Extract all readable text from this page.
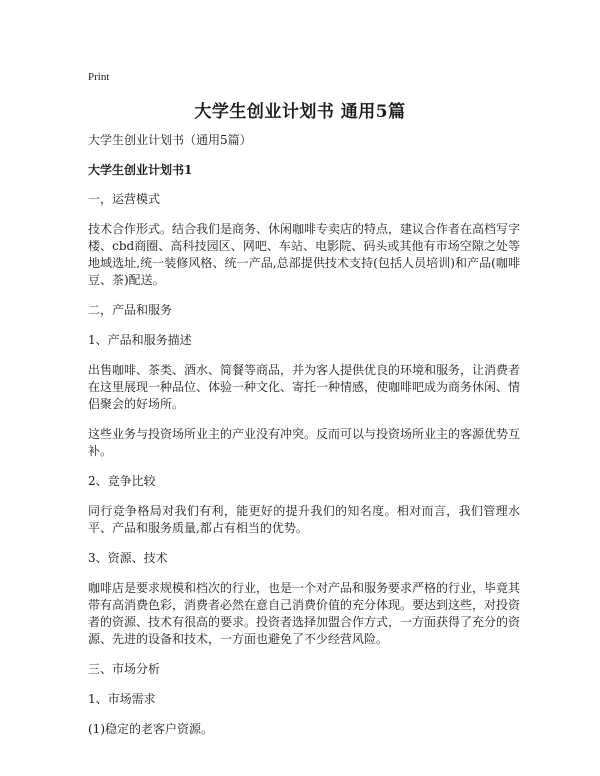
Print
大学生创业计划书 通用5篇

大学生创业计划书（通用5篇）

大学生创业计划书1

一，运营模式

技术合作形式。结合我们是商务、休闲咖啡专卖店的特点，建议合作者在高档写字楼、cbd商圈、高科技园区、网吧、车站、电影院、码头或其他有市场空隙之处等地域选址,统一装修风格、统一产品,总部提供技术支持(包括人员培训)和产品(咖啡豆、茶)配送。

二，产品和服务

1、产品和服务描述

出售咖啡、茶类、酒水、简餐等商品，并为客人提供优良的环境和服务，让消费者在这里展现一种品位、体验一种文化、寄托一种情感，使咖啡吧成为商务休闲、情侣聚会的好场所。

这些业务与投资场所业主的产业没有冲突。反而可以与投资场所业主的客源优势互补。

2、竞争比较

同行竞争格局对我们有利，能更好的提升我们的知名度。相对而言，我们管理水平、产品和服务质量,都占有相当的优势。

3、资源、技术

咖啡店是要求规模和档次的行业，也是一个对产品和服务要求严格的行业，毕竟其带有高消费色彩，消费者必然在意自己消费价值的充分体现。要达到这些，对投资者的资源、技术有很高的要求。投资者选择加盟合作方式，一方面获得了充分的资源、先进的设备和技术，一方面也避免了不少经营风险。

三、市场分析

1、市场需求

(1)稳定的老客户资源。
